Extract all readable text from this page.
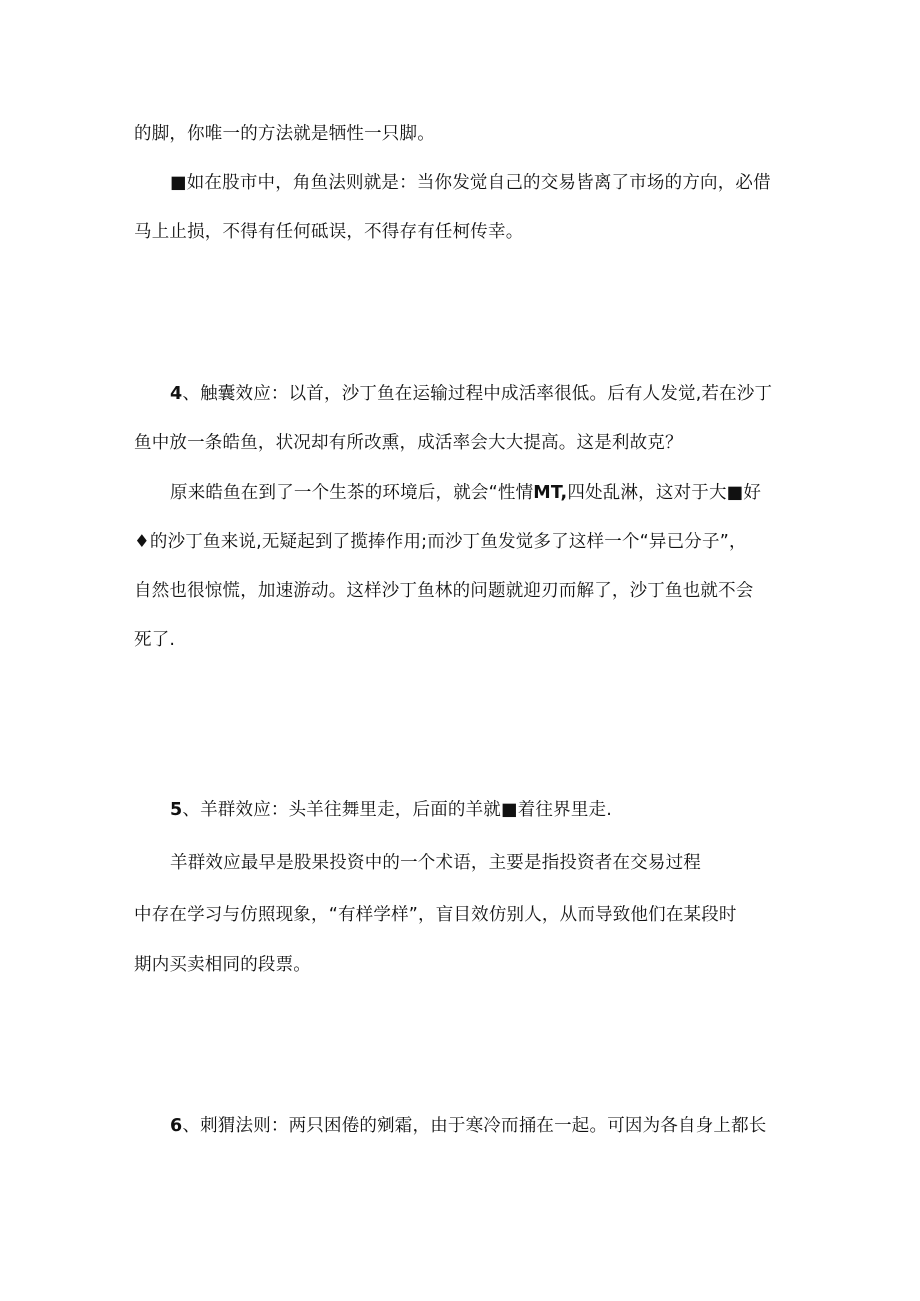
的脚，你唯一的方法就是牺性一只脚。
■如在股市中，角鱼法则就是：当你发觉自己的交易皆离了市场的方向，必借
马上止损，不得有任何砥误，不得存有任柯传幸。
4、触囊效应：以首，沙丁鱼在运输过程中成活率很低。后有人发觉,若在沙丁
鱼中放一条皓鱼，状况却有所改熏，成活率会大大提高。这是利故克？
原来皓鱼在到了一个生茶的环境后，就会“性情MT,四处乱淋，这对于大■好
♦的沙丁鱼来说,无疑起到了揽捧作用;而沙丁鱼发觉多了这样一个“异已分子”，
自然也很惊慌，加速游动。这样沙丁鱼林的问题就迎刃而解了，沙丁鱼也就不会
死了.
5、羊群效应：头羊往舞里走，后面的羊就■着往界里走.
羊群效应最早是股果投资中的一个术语，主要是指投资者在交易过程
中存在学习与仿照现象，“有样学样”，盲目效仿别人，从而导致他们在某段时
期内买卖相同的段票。
6、刺猬法则：两只困倦的剜霜，由于寒冷而捅在一起。可因为各自身上都长
